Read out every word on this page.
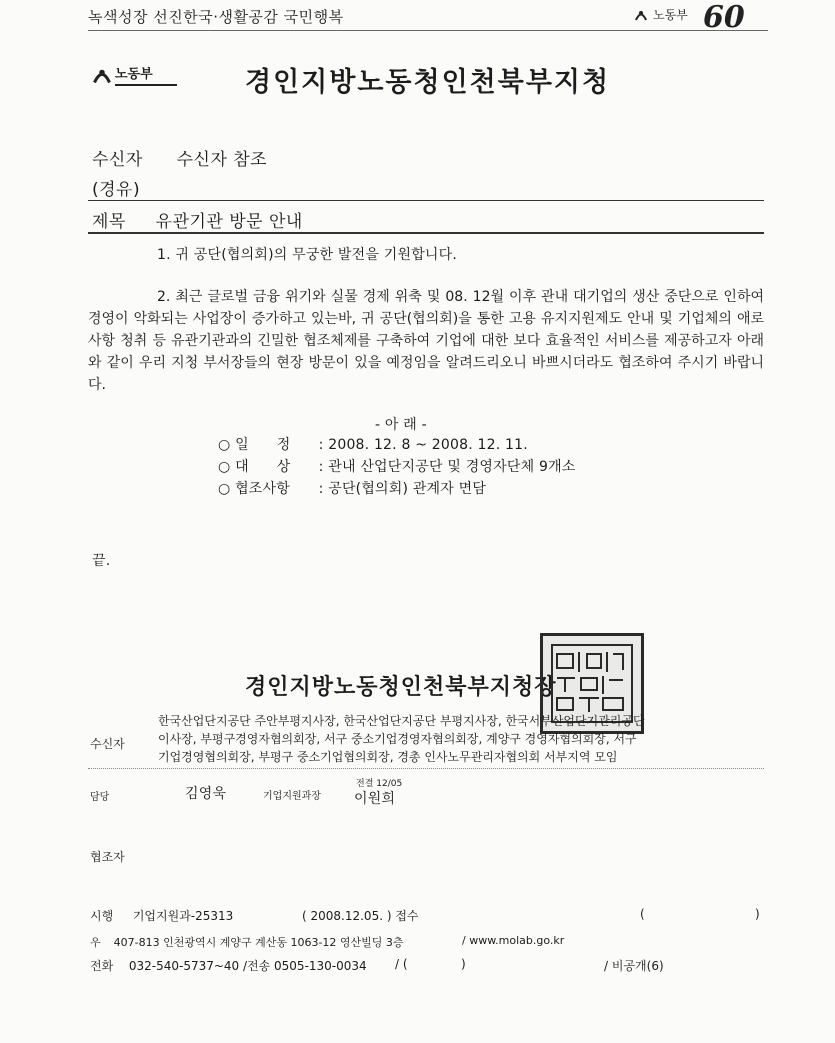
녹색성장 선진한국·생활공감 국민행복	노동부 60
노동부	경인지방노동청인천북부지청
수신자 수신자 참조
(경유)
제목 유관기관 방문 안내
1. 귀 공단(협의회)의 무궁한 발전을 기원합니다.
2. 최근 글로벌 금융 위기와 실물 경제 위축 및 08. 12월 이후 관내 대기업의 생산 중단으로 인하여 경영이 악화되는 사업장이 증가하고 있는바, 귀 공단(협의회)을 통한 고용 유지지원제도 안내 및 기업체의 애로사항 청취 등 유관기관과의 긴밀한 협조체제를 구축하여 기업에 대한 보다 효율적인 서비스를 제공하고자 아래와 같이 우리 지청 부서장들의 현장 방문이 있을 예정임을 알려드리오니 바쁘시더라도 협조하여 주시기 바랍니다.
- 아 래 -
○ 일      정 : 2008. 12. 8 ~ 2008. 12. 11.
○ 대      상 : 관내 산업단지공단 및 경영자단체 9개소
○ 협조사항 : 공단(협의회) 관계자 면담
끝.
경인지방노동청인천북부지청장
수신자
한국산업단지공단 주안부평지사장, 한국산업단지공단 부평지사장, 한국서부산업단지관리공단
이사장, 부평구경영자협의회장, 서구 중소기업경영자협의회장, 계양구 경영자협의회장, 서구
기업경영협의회장, 부평구 중소기업협의회장, 경총 인사노무관리자협의회 서부지역 모임
담당	김영욱	기업지원과장
전결 12/05
이원희
협조자
시행 기업지원과-25313	( 2008.12.05. ) 접수	(	)
우 407-813 인천광역시 계양구 계산동 1063-12 영산빌딩 3층	/ www.molab.go.kr
전화 032-540-5737~40 /전송 0505-130-0034 / (              )	/ 비공개(6)
